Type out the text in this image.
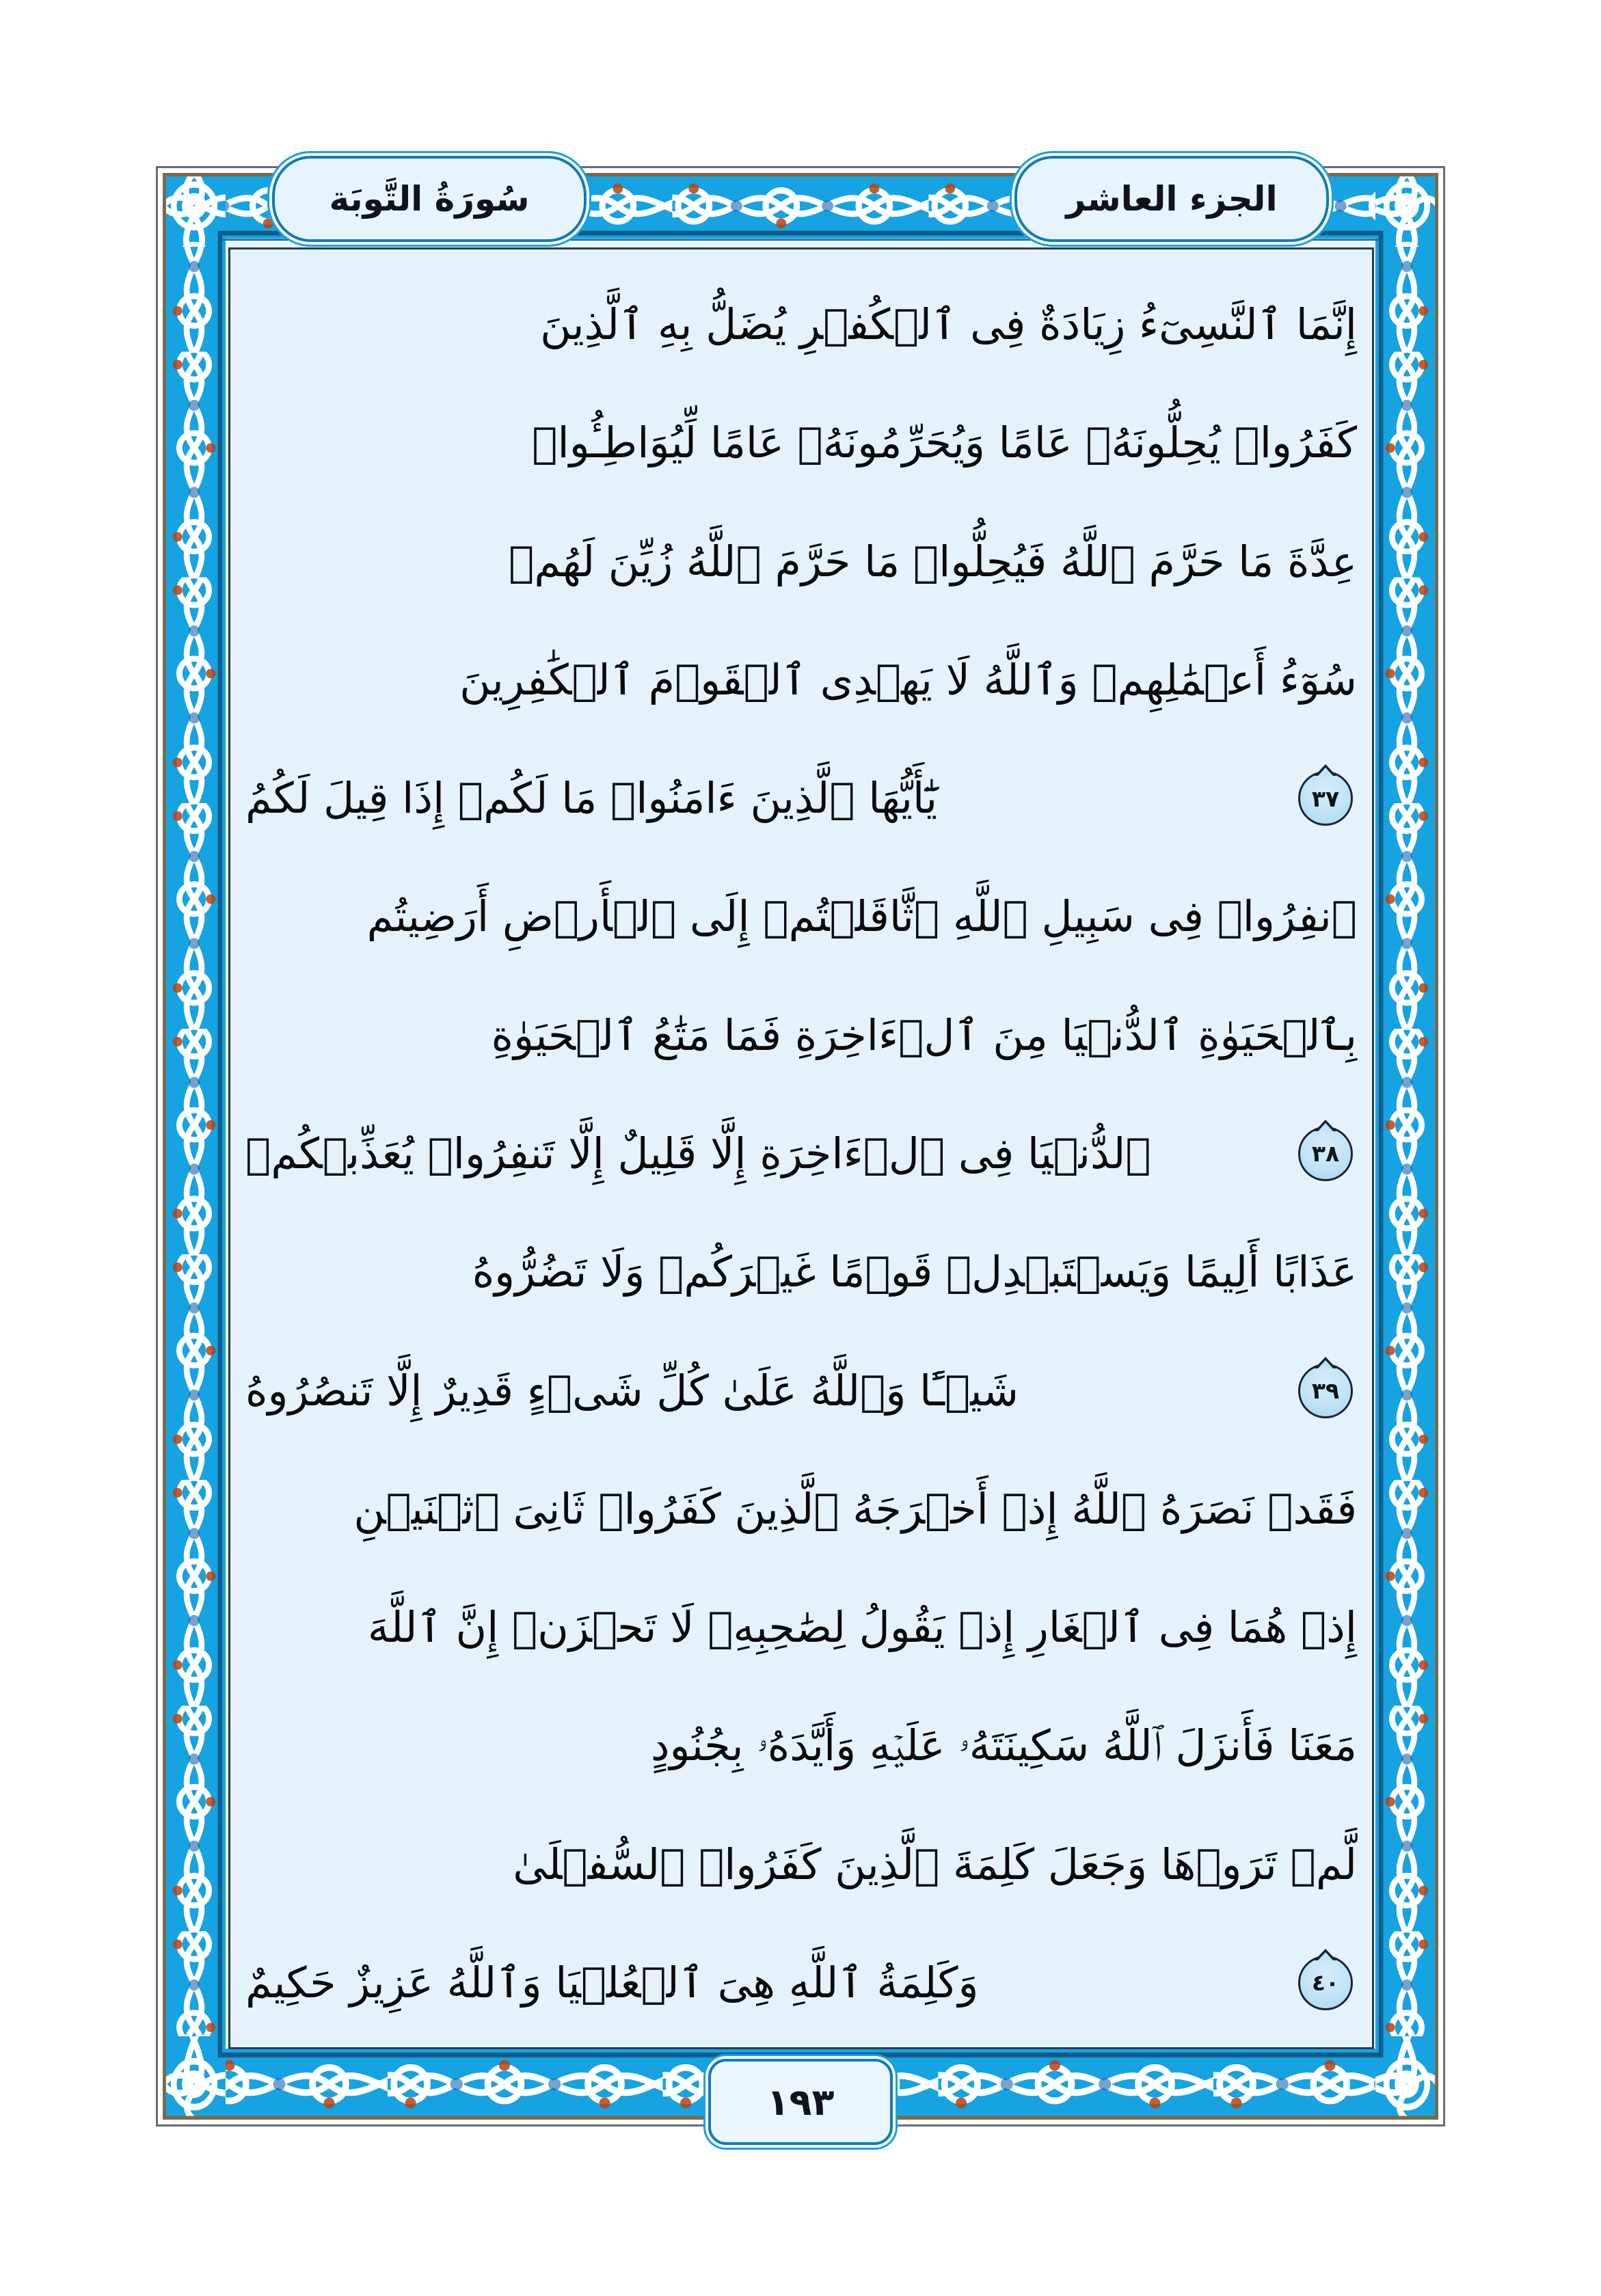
الجزء العاشر
سُورَةُ التَّوبَة
إِنَّمَا ٱلنَّسِىٓءُ زِيَادَةٌ فِى ٱلۡكُفۡرِ يُضَلُّ بِهِ ٱلَّذِينَ
كَفَرُوا۟ يُحِلُّونَهُۥ عَامًا وَيُحَرِّمُونَهُۥ عَامًا لِّيُوَاطِـُٔوا۟
عِدَّةَ مَا حَرَّمَ ٱللَّهُ فَيُحِلُّوا۟ مَا حَرَّمَ ٱللَّهُ زُيِّنَ لَهُمۡ
سُوٓءُ أَعۡمَٰلِهِمۡ وَٱللَّهُ لَا يَهۡدِى ٱلۡقَوۡمَ ٱلۡكَٰفِرِينَ
٣٧
يَٰٓأَيُّهَا ٱلَّذِينَ ءَامَنُوا۟ مَا لَكُمۡ إِذَا قِيلَ لَكُمُ
ٱنفِرُوا۟ فِى سَبِيلِ ٱللَّهِ ٱثَّاقَلۡتُمۡ إِلَى ٱلۡأَرۡضِ أَرَضِيتُم
بِٱلۡحَيَوٰةِ ٱلدُّنۡيَا مِنَ ٱلۡءَاخِرَةِ فَمَا مَتَٰعُ ٱلۡحَيَوٰةِ
٣٨
ٱلدُّنۡيَا فِى ٱلۡءَاخِرَةِ إِلَّا قَلِيلٌ إِلَّا تَنفِرُوا۟ يُعَذِّبۡكُمۡ
عَذَابًا أَلِيمًا وَيَسۡتَبۡدِلۡ قَوۡمًا غَيۡرَكُمۡ وَلَا تَضُرُّوهُ
٣٩
شَيۡـًٔا وَٱللَّهُ عَلَىٰ كُلِّ شَىۡءٍ قَدِيرٌ إِلَّا تَنصُرُوهُ
فَقَدۡ نَصَرَهُ ٱللَّهُ إِذۡ أَخۡرَجَهُ ٱلَّذِينَ كَفَرُوا۟ ثَانِىَ ٱثۡنَيۡنِ
إِذۡ هُمَا فِى ٱلۡغَارِ إِذۡ يَقُولُ لِصَٰحِبِهِۦ لَا تَحۡزَنۡ إِنَّ ٱللَّهَ
مَعَنَا فَأَنزَلَ ٱللَّهُ سَكِينَتَهُۥ عَلَيۡهِ وَأَيَّدَهُۥ بِجُنُودٍ
لَّمۡ تَرَوۡهَا وَجَعَلَ كَلِمَةَ ٱلَّذِينَ كَفَرُوا۟ ٱلسُّفۡلَىٰ
٤٠
وَكَلِمَةُ ٱللَّهِ هِىَ ٱلۡعُلۡيَا وَٱللَّهُ عَزِيزٌ حَكِيمٌ
١٩٣
